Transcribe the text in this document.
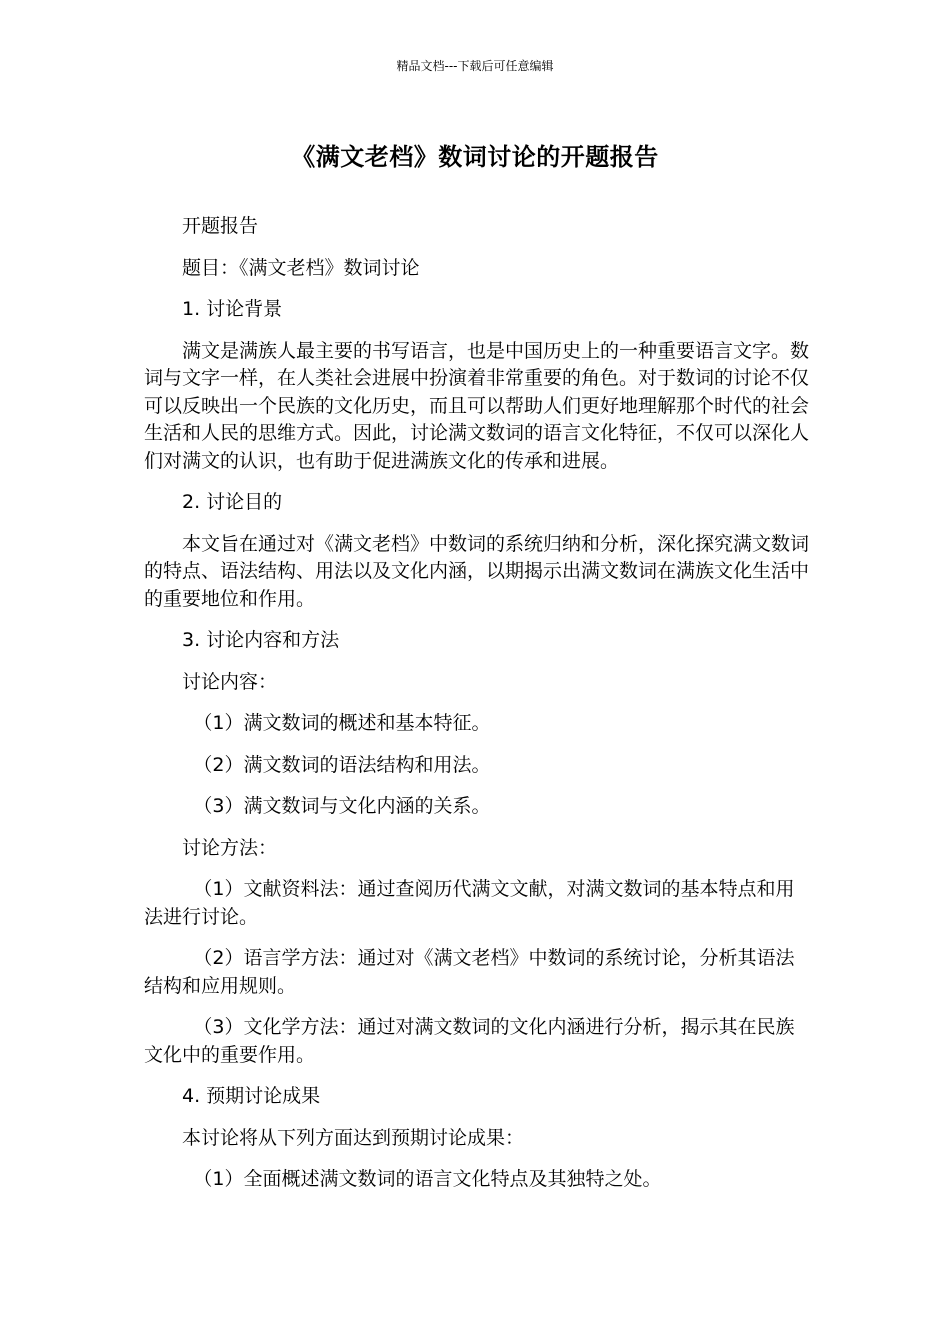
精品文档---下载后可任意编辑
《满文老档》数词讨论的开题报告

开题报告

题目：《满文老档》数词讨论

1. 讨论背景

满文是满族人最主要的书写语言，也是中国历史上的一种重要语言文字。数词与文字一样，在人类社会进展中扮演着非常重要的角色。对于数词的讨论不仅可以反映出一个民族的文化历史，而且可以帮助人们更好地理解那个时代的社会生活和人民的思维方式。因此，讨论满文数词的语言文化特征，不仅可以深化人们对满文的认识，也有助于促进满族文化的传承和进展。

2. 讨论目的

本文旨在通过对《满文老档》中数词的系统归纳和分析，深化探究满文数词的特点、语法结构、用法以及文化内涵，以期揭示出满文数词在满族文化生活中的重要地位和作用。

3. 讨论内容和方法

讨论内容：

（1）满文数词的概述和基本特征。

（2）满文数词的语法结构和用法。

（3）满文数词与文化内涵的关系。

讨论方法：

（1）文献资料法：通过查阅历代满文文献，对满文数词的基本特点和用法进行讨论。

（2）语言学方法：通过对《满文老档》中数词的系统讨论，分析其语法结构和应用规则。

（3）文化学方法：通过对满文数词的文化内涵进行分析，揭示其在民族文化中的重要作用。

4. 预期讨论成果

本讨论将从下列方面达到预期讨论成果：

（1）全面概述满文数词的语言文化特点及其独特之处。
